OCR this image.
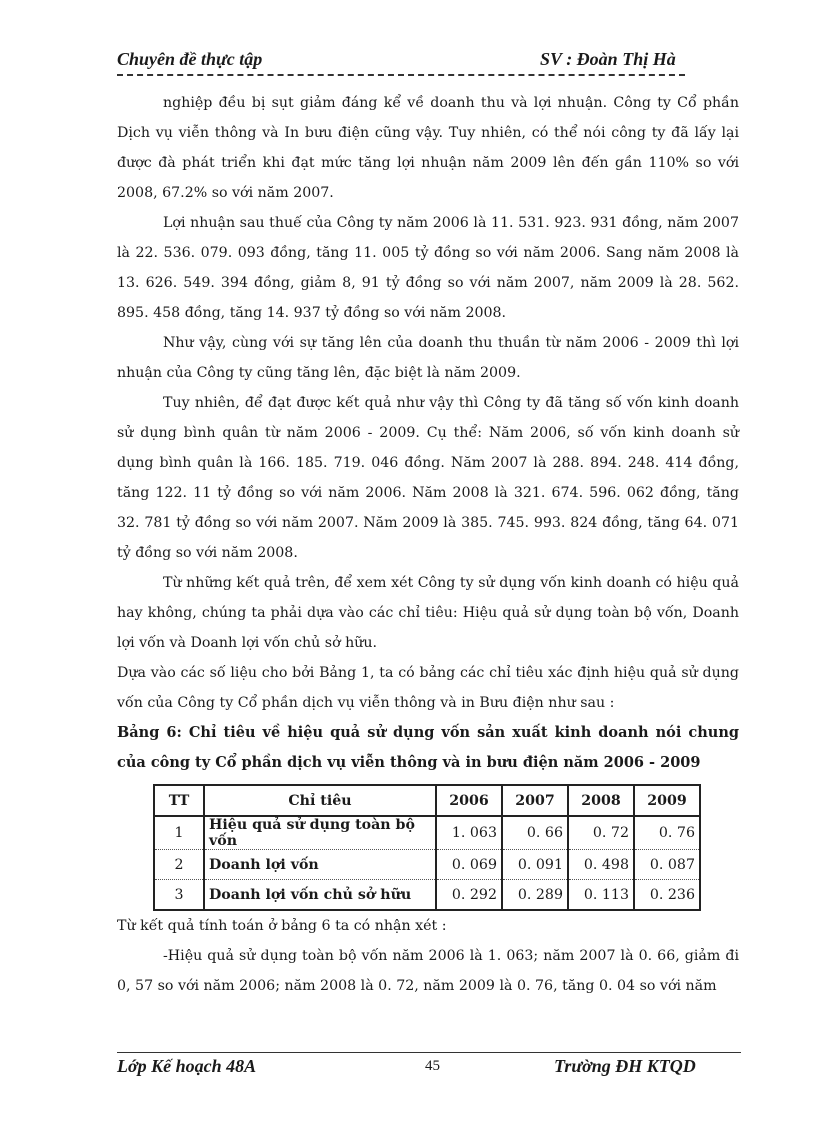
Chuyên đề thực tập	SV : Đoàn Thị Hà

nghiệp đều bị sụt giảm đáng kể về doanh thu và lợi nhuận. Công ty Cổ phần Dịch vụ viễn thông và In bưu điện cũng vậy. Tuy nhiên, có thể nói công ty đã lấy lại được đà phát triển khi đạt mức tăng lợi nhuận năm 2009 lên đến gần 110% so với 2008, 67.2% so với năm 2007.

Lợi nhuận sau thuế của Công ty năm 2006 là 11. 531. 923. 931 đồng, năm 2007 là 22. 536. 079. 093 đồng, tăng 11. 005 tỷ đồng so với năm 2006. Sang năm 2008 là 13. 626. 549. 394 đồng, giảm 8, 91 tỷ đồng so với năm 2007, năm 2009 là 28. 562. 895. 458 đồng, tăng 14. 937 tỷ đồng so với năm 2008.

Như vậy, cùng với sự tăng lên của doanh thu thuần từ năm 2006 - 2009 thì lợi nhuận của Công ty cũng tăng lên, đặc biệt là năm 2009.

Tuy nhiên, để đạt được kết quả như vậy thì Công ty đã tăng số vốn kinh doanh sử dụng bình quân từ năm 2006 - 2009. Cụ thể: Năm 2006, số vốn kinh doanh sử dụng bình quân là 166. 185. 719. 046 đồng. Năm 2007 là 288. 894. 248. 414 đồng, tăng 122. 11 tỷ đồng so với năm 2006. Năm 2008 là 321. 674. 596. 062 đồng, tăng 32. 781 tỷ đồng so với năm 2007. Năm 2009 là 385. 745. 993. 824 đồng, tăng 64. 071 tỷ đồng so với năm 2008.

Từ những kết quả trên, để xem xét Công ty sử dụng vốn kinh doanh có hiệu quả hay không, chúng ta phải dựa vào các chỉ tiêu: Hiệu quả sử dụng toàn bộ vốn, Doanh lợi vốn và Doanh lợi vốn chủ sở hữu.

Dựa vào các số liệu cho bởi Bảng 1, ta có bảng các chỉ tiêu xác định hiệu quả sử dụng vốn của Công ty Cổ phần dịch vụ viễn thông và in Bưu điện như sau :

Bảng 6: Chỉ tiêu về hiệu quả sử dụng vốn sản xuất kinh doanh nói chung của công ty Cổ phần dịch vụ viễn thông và in bưu điện năm 2006 - 2009

TT	Chỉ tiêu	2006	2007	2008	2009
1	Hiệu quả sử dụng toàn bộ vốn	1. 063	0. 66	0. 72	0. 76
2	Doanh lợi vốn	0. 069	0. 091	0. 498	0. 087
3	Doanh lợi vốn chủ sở hữu	0. 292	0. 289	0. 113	0. 236

Từ kết quả tính toán ở bảng 6 ta có nhận xét :

-Hiệu quả sử dụng toàn bộ vốn năm 2006 là 1. 063; năm 2007 là 0. 66, giảm đi 0, 57 so với năm 2006; năm 2008 là 0. 72, năm 2009 là 0. 76, tăng 0. 04 so với năm

Lớp Kế hoạch 48A	45	Trường ĐH KTQD
